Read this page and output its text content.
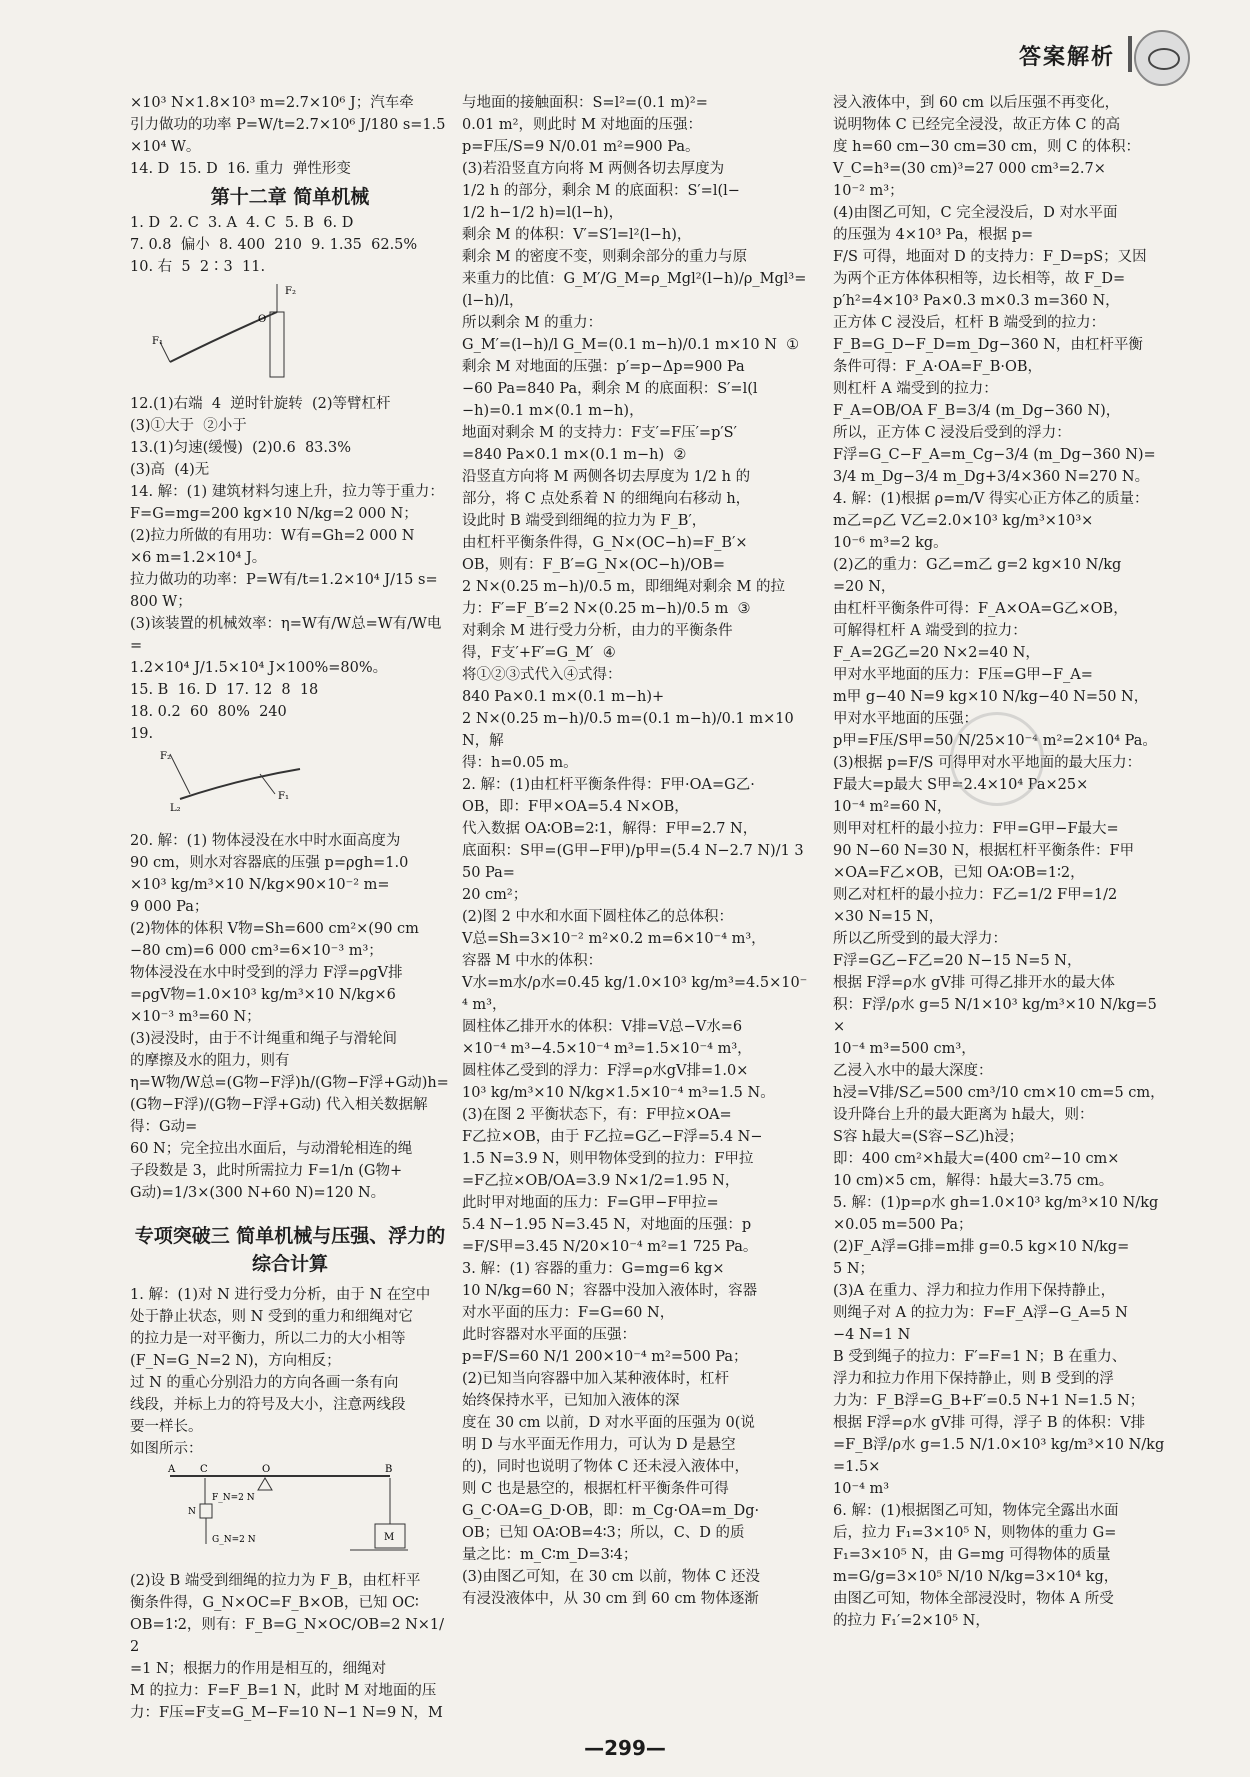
答案解析
×10³ N×1.8×10³ m=2.7×10⁶ J；汽车牵
引力做功的功率 P=W/t=2.7×10⁶ J/180 s=1.5
×10⁴ W。
14. D  15. D  16. 重力  弹性形变
第十二章 简单机械
1. D  2. C  3. A  4. C  5. B  6. D
7. 0.8  偏小  8. 400  210  9. 1.35  62.5%
10. 右  5  2∶3  11.
F₂
F₁
O
12.(1)右端  4  逆时针旋转  (2)等臂杠杆
(3)①大于  ②小于
13.(1)匀速(缓慢)  (2)0.6  83.3%
(3)高  (4)无
14. 解：(1) 建筑材料匀速上升，拉力等于重力：
F=G=mg=200 kg×10 N/kg=2 000 N；
(2)拉力所做的有用功：W有=Gh=2 000 N
×6 m=1.2×10⁴ J。
拉力做功的功率：P=W有/t=1.2×10⁴ J/15 s=
800 W；
(3)该装置的机械效率：η=W有/W总=W有/W电=
1.2×10⁴ J/1.5×10⁴ J×100%=80%。
15. B  16. D  17. 12  8  18
18. 0.2  60  80%  240
19.
F₂
F₁
L₂
20. 解：(1) 物体浸没在水中时水面高度为
90 cm，则水对容器底的压强 p=ρgh=1.0
×10³ kg/m³×10 N/kg×90×10⁻² m=
9 000 Pa；
(2)物体的体积 V物=Sh=600 cm²×(90 cm
−80 cm)=6 000 cm³=6×10⁻³ m³；
物体浸没在水中时受到的浮力 F浮=ρgV排
=ρgV物=1.0×10³ kg/m³×10 N/kg×6
×10⁻³ m³=60 N；
(3)浸没时，由于不计绳重和绳子与滑轮间
的摩擦及水的阻力，则有
η=W物/W总=(G物−F浮)h/(G物−F浮+G动)h=
(G物−F浮)/(G物−F浮+G动) 代入相关数据解得：G动=
60 N；完全拉出水面后，与动滑轮相连的绳
子段数是 3，此时所需拉力 F=1/n (G物+
G动)=1/3×(300 N+60 N)=120 N。
专项突破三 简单机械与压强、浮力的综合计算
1. 解：(1)对 N 进行受力分析，由于 N 在空中
处于静止状态，则 N 受到的重力和细绳对它
的拉力是一对平衡力，所以二力的大小相等
(F_N=G_N=2 N)，方向相反；
过 N 的重心分别沿力的方向各画一条有向
线段，并标上力的符号及大小，注意两线段
要一样长。
如图所示：
A C	O	B
N
F_N=2 N
G_N=2 N	M
(2)设 B 端受到细绳的拉力为 F_B，由杠杆平
衡条件得，G_N×OC=F_B×OB，已知 OC∶
OB=1∶2，则有：F_B=G_N×OC/OB=2 N×1/2
=1 N；根据力的作用是相互的，细绳对
M 的拉力：F=F_B=1 N，此时 M 对地面的压
力：F压=F支=G_M−F=10 N−1 N=9 N，M
与地面的接触面积：S=l²=(0.1 m)²=
0.01 m²，则此时 M 对地面的压强：
p=F压/S=9 N/0.01 m²=900 Pa。
(3)若沿竖直方向将 M 两侧各切去厚度为
1/2 h 的部分，剩余 M 的底面积：S′=l(l−
1/2 h−1/2 h)=l(l−h)，
剩余 M 的体积：V′=S′l=l²(l−h)，
剩余 M 的密度不变，则剩余部分的重力与原
来重力的比值：G_M′/G_M=ρ_Mgl²(l−h)/ρ_Mgl³=(l−h)/l，
所以剩余 M 的重力：
G_M′=(l−h)/l G_M=(0.1 m−h)/0.1 m×10 N  ①
剩余 M 对地面的压强：p′=p−Δp=900 Pa
−60 Pa=840 Pa，剩余 M 的底面积：S′=l(l
−h)=0.1 m×(0.1 m−h)，
地面对剩余 M 的支持力：F支′=F压′=p′S′
=840 Pa×0.1 m×(0.1 m−h)  ②
沿竖直方向将 M 两侧各切去厚度为 1/2 h 的
部分，将 C 点处系着 N 的细绳向右移动 h，
设此时 B 端受到细绳的拉力为 F_B′，
由杠杆平衡条件得，G_N×(OC−h)=F_B′×
OB，则有：F_B′=G_N×(OC−h)/OB=
2 N×(0.25 m−h)/0.5 m，即细绳对剩余 M 的拉
力：F′=F_B′=2 N×(0.25 m−h)/0.5 m  ③
对剩余 M 进行受力分析，由力的平衡条件
得，F支′+F′=G_M′  ④
将①②③式代入④式得：
840 Pa×0.1 m×(0.1 m−h)+
2 N×(0.25 m−h)/0.5 m=(0.1 m−h)/0.1 m×10 N，解
得：h=0.05 m。
2. 解：(1)由杠杆平衡条件得：F甲·OA=G乙·
OB，即：F甲×OA=5.4 N×OB，
代入数据 OA∶OB=2∶1，解得：F甲=2.7 N，
底面积：S甲=(G甲−F甲)/p甲=(5.4 N−2.7 N)/1 350 Pa=
20 cm²；
(2)图 2 中水和水面下圆柱体乙的总体积：
V总=Sh=3×10⁻² m²×0.2 m=6×10⁻⁴ m³，
容器 M 中水的体积：
V水=m水/ρ水=0.45 kg/1.0×10³ kg/m³=4.5×10⁻⁴ m³，
圆柱体乙排开水的体积：V排=V总−V水=6
×10⁻⁴ m³−4.5×10⁻⁴ m³=1.5×10⁻⁴ m³，
圆柱体乙受到的浮力：F浮=ρ水gV排=1.0×
10³ kg/m³×10 N/kg×1.5×10⁻⁴ m³=1.5 N。
(3)在图 2 平衡状态下，有：F甲拉×OA=
F乙拉×OB，由于 F乙拉=G乙−F浮=5.4 N−
1.5 N=3.9 N，则甲物体受到的拉力：F甲拉
=F乙拉×OB/OA=3.9 N×1/2=1.95 N，
此时甲对地面的压力：F=G甲−F甲拉=
5.4 N−1.95 N=3.45 N，对地面的压强：p
=F/S甲=3.45 N/20×10⁻⁴ m²=1 725 Pa。
3. 解：(1) 容器的重力：G=mg=6 kg×
10 N/kg=60 N；容器中没加入液体时，容器
对水平面的压力：F=G=60 N，
此时容器对水平面的压强：
p=F/S=60 N/1 200×10⁻⁴ m²=500 Pa；
(2)已知当向容器中加入某种液体时，杠杆
始终保持水平，已知加入液体的深
度在 30 cm 以前，D 对水平面的压强为 0(说
明 D 与水平面无作用力，可认为 D 是悬空
的)，同时也说明了物体 C 还未浸入液体中，
则 C 也是悬空的，根据杠杆平衡条件可得
G_C·OA=G_D·OB，即：m_Cg·OA=m_Dg·
OB；已知 OA∶OB=4∶3；所以，C、D 的质
量之比：m_C∶m_D=3∶4；
(3)由图乙可知，在 30 cm 以前，物体 C 还没
有浸没液体中，从 30 cm 到 60 cm 物体逐渐
浸入液体中，到 60 cm 以后压强不再变化，
说明物体 C 已经完全浸没，故正方体 C 的高
度 h=60 cm−30 cm=30 cm，则 C 的体积：
V_C=h³=(30 cm)³=27 000 cm³=2.7×
10⁻² m³；
(4)由图乙可知，C 完全浸没后，D 对水平面
的压强为 4×10³ Pa，根据 p=
F/S 可得，地面对 D 的支持力：F_D=pS；又因
为两个正方体体积相等，边长相等，故 F_D=
p′h²=4×10³ Pa×0.3 m×0.3 m=360 N，
正方体 C 浸没后，杠杆 B 端受到的拉力：
F_B=G_D−F_D=m_Dg−360 N，由杠杆平衡
条件可得：F_A·OA=F_B·OB，
则杠杆 A 端受到的拉力：
F_A=OB/OA F_B=3/4 (m_Dg−360 N)，
所以，正方体 C 浸没后受到的浮力：
F浮=G_C−F_A=m_Cg−3/4 (m_Dg−360 N)=
3/4 m_Dg−3/4 m_Dg+3/4×360 N=270 N。
4. 解：(1)根据 ρ=m/V 得实心正方体乙的质量：
m乙=ρ乙 V乙=2.0×10³ kg/m³×10³×
10⁻⁶ m³=2 kg。
(2)乙的重力：G乙=m乙 g=2 kg×10 N/kg
=20 N，
由杠杆平衡条件可得：F_A×OA=G乙×OB，
可解得杠杆 A 端受到的拉力：
F_A=2G乙=20 N×2=40 N，
甲对水平地面的压力：F压=G甲−F_A=
m甲 g−40 N=9 kg×10 N/kg−40 N=50 N，
甲对水平地面的压强：
p甲=F压/S甲=50 N/25×10⁻⁴ m²=2×10⁴ Pa。
(3)根据 p=F/S 可得甲对水平地面的最大压力：
F最大=p最大 S甲=2.4×10⁴ Pa×25×
10⁻⁴ m²=60 N，
则甲对杠杆的最小拉力：F甲=G甲−F最大=
90 N−60 N=30 N，根据杠杆平衡条件：F甲
×OA=F乙×OB，已知 OA∶OB=1∶2，
则乙对杠杆的最小拉力：F乙=1/2 F甲=1/2
×30 N=15 N，
所以乙所受到的最大浮力：
F浮=G乙−F乙=20 N−15 N=5 N，
根据 F浮=ρ水 gV排 可得乙排开水的最大体
积：F浮/ρ水 g=5 N/1×10³ kg/m³×10 N/kg=5×
10⁻⁴ m³=500 cm³，
乙浸入水中的最大深度：
h浸=V排/S乙=500 cm³/10 cm×10 cm=5 cm，
设升降台上升的最大距离为 h最大，则：
S容 h最大=(S容−S乙)h浸；
即：400 cm²×h最大=(400 cm²−10 cm×
10 cm)×5 cm，解得：h最大=3.75 cm。
5. 解：(1)p=ρ水 gh=1.0×10³ kg/m³×10 N/kg
×0.05 m=500 Pa；
(2)F_A浮=G排=m排 g=0.5 kg×10 N/kg=
5 N；
(3)A 在重力、浮力和拉力作用下保持静止，
则绳子对 A 的拉力为：F=F_A浮−G_A=5 N
−4 N=1 N
B 受到绳子的拉力：F′=F=1 N；B 在重力、
浮力和拉力作用下保持静止，则 B 受到的浮
力为：F_B浮=G_B+F′=0.5 N+1 N=1.5 N；
根据 F浮=ρ水 gV排 可得，浮子 B 的体积：V排
=F_B浮/ρ水 g=1.5 N/1.0×10³ kg/m³×10 N/kg=1.5×
10⁻⁴ m³
6. 解：(1)根据图乙可知，物体完全露出水面
后，拉力 F₁=3×10⁵ N，则物体的重力 G=
F₁=3×10⁵ N，由 G=mg 可得物体的质量
m=G/g=3×10⁵ N/10 N/kg=3×10⁴ kg，
由图乙可知，物体全部浸没时，物体 A 所受
的拉力 F₁′=2×10⁵ N，
—299—
